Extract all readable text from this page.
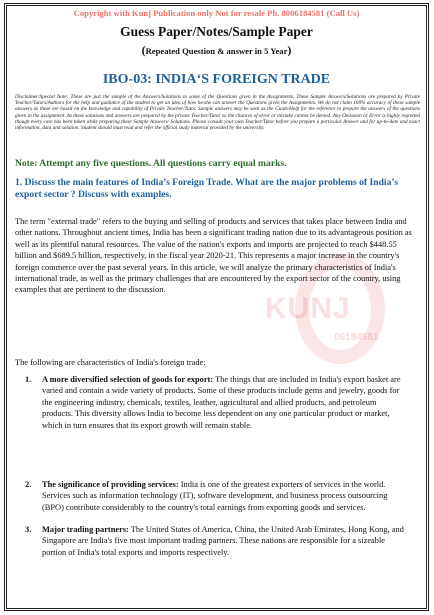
Copyright with Kunj Publication only Not for resale Ph. 8006184581 (Call Us)
Guess Paper/Notes/Sample Paper
(Repeated Question & answer in 5 Year)
IBO-03: INDIA‘S FOREIGN TRADE
Disclaimer/Special Note: These are just the sample of the Answers/Solutions to some of the Questions given in the Assignments. These Sample Answers/Solutions are prepared by Private Teacher/Tutors/Authors for the help and guidance of the student to get an idea of how he/she can answer the Questions given the Assignments. We do not claim 100% accuracy of these sample answers as these are based on the knowledge and capability of Private Teacher/Tutor. Sample answers may be seen as the Guide/Help for the reference to prepare the answers of the questions given in the assignment. As these solutions and answers are prepared by the private Teacher/Tutor so the chances of error or mistake cannot be denied. Any Omission or Error is highly regretted though every care has been taken while preparing these Sample Answers/ Solutions. Please consult your own Teacher/Tutor before you prepare a particular Answer and for up-to-date and exact information, data and solution. Student should must read and refer the official study material provided by the university.
Note: Attempt any five questions. All questions carry equal marks.
1. Discuss the main features of India’s Foreign Trade. What are the major problems of India’s export sector ? Discuss with examples.
KUNJ
06184581
The term "external trade" refers to the buying and selling of products and services that takes place between India and other nations. Throughout ancient times, India has been a significant trading nation due to its advantageous position as well as its plentiful natural resources. The value of the nation's exports and imports are projected to reach $448.55 billion and $689.5 billion, respectively, in the fiscal year 2020-21. This represents a major increase in the country's foreign commerce over the past several years. In this article, we will analyze the primary characteristics of India's international trade, as well as the primary challenges that are encountered by the export sector of the country, using examples that are pertinent to the discussion.
The following are characteristics of India's foreign trade:
1. A more diversified selection of goods for export: The things that are included in India's export basket are varied and contain a wide variety of products. Some of these products include gems and jewelry, goods for the engineering industry, chemicals, textiles, leather, agricultural and allied products, and petroleum products. This diversity allows India to become less dependent on any one particular product or market, which in turn ensures that its export growth will remain stable.
2. The significance of providing services: India is one of the greatest exporters of services in the world. Services such as information technology (IT), software development, and business process outsourcing (BPO) contribute considerably to the country's total earnings from exporting goods and services.
3. Major trading partners: The United States of America, China, the United Arab Emirates, Hong Kong, and Singapore are India's five most important trading partners. These nations are responsible for a sizeable portion of India's total exports and imports respectively.
